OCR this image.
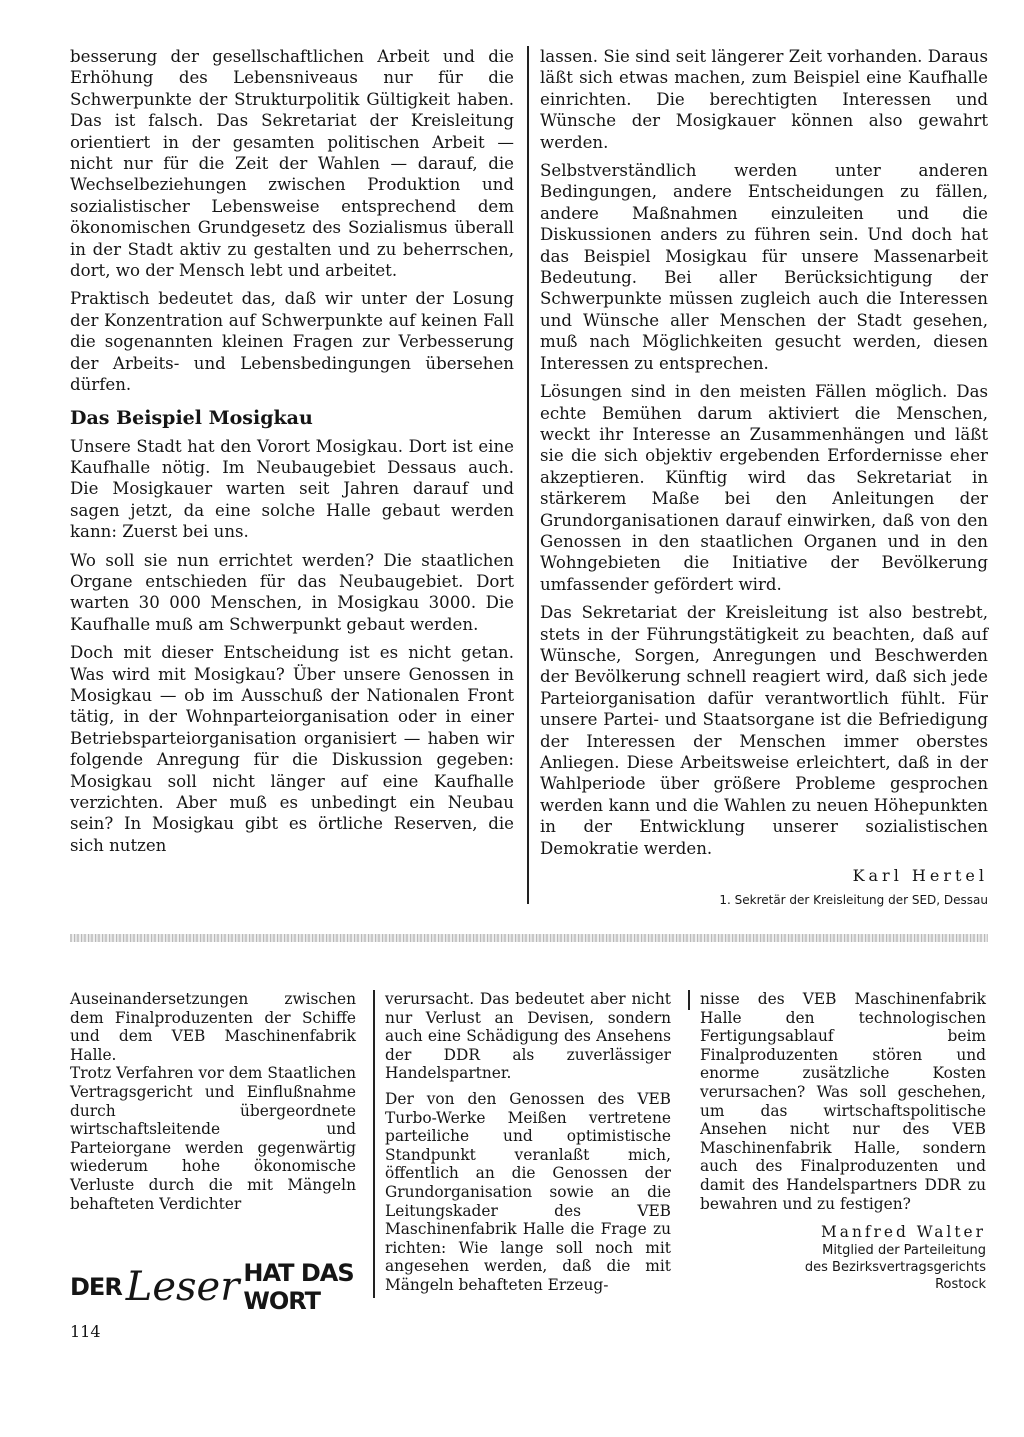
besserung der gesellschaftlichen Arbeit und die Erhöhung des Lebensniveaus nur für die Schwerpunkte der Strukturpolitik Gültigkeit haben. Das ist falsch. Das Sekretariat der Kreisleitung orientiert in der gesamten politischen Arbeit — nicht nur für die Zeit der Wahlen — darauf, die Wechselbeziehungen zwischen Produktion und sozialistischer Lebensweise entsprechend dem ökonomischen Grundgesetz des Sozialismus überall in der Stadt aktiv zu gestalten und zu beherrschen, dort, wo der Mensch lebt und arbeitet.

Praktisch bedeutet das, daß wir unter der Losung der Konzentration auf Schwerpunkte auf keinen Fall die sogenannten kleinen Fragen zur Verbesserung der Arbeits- und Lebensbedingungen übersehen dürfen.

Das Beispiel Mosigkau

Unsere Stadt hat den Vorort Mosigkau. Dort ist eine Kaufhalle nötig. Im Neubaugebiet Dessaus auch. Die Mosigkauer warten seit Jahren darauf und sagen jetzt, da eine solche Halle gebaut werden kann: Zuerst bei uns.

Wo soll sie nun errichtet werden? Die staatlichen Organe entschieden für das Neubaugebiet. Dort warten 30 000 Menschen, in Mosigkau 3000. Die Kaufhalle muß am Schwerpunkt gebaut werden.

Doch mit dieser Entscheidung ist es nicht getan. Was wird mit Mosigkau? Über unsere Genossen in Mosigkau — ob im Ausschuß der Nationalen Front tätig, in der Wohnparteiorganisation oder in einer Betriebsparteiorganisation organisiert — haben wir folgende Anregung für die Diskussion gegeben: Mosigkau soll nicht länger auf eine Kaufhalle verzichten. Aber muß es unbedingt ein Neubau sein? In Mosigkau gibt es örtliche Reserven, die sich nutzen

lassen. Sie sind seit längerer Zeit vorhanden. Daraus läßt sich etwas machen, zum Beispiel eine Kaufhalle einrichten. Die berechtigten Interessen und Wünsche der Mosigkauer können also gewahrt werden.

Selbstverständlich werden unter anderen Bedingungen, andere Entscheidungen zu fällen, andere Maßnahmen einzuleiten und die Diskussionen anders zu führen sein. Und doch hat das Beispiel Mosigkau für unsere Massenarbeit Bedeutung. Bei aller Berücksichtigung der Schwerpunkte müssen zugleich auch die Interessen und Wünsche aller Menschen der Stadt gesehen, muß nach Möglichkeiten gesucht werden, diesen Interessen zu entsprechen.

Lösungen sind in den meisten Fällen möglich. Das echte Bemühen darum aktiviert die Menschen, weckt ihr Interesse an Zusammenhängen und läßt sie die sich objektiv ergebenden Erfordernisse eher akzeptieren. Künftig wird das Sekretariat in stärkerem Maße bei den Anleitungen der Grundorganisationen darauf einwirken, daß von den Genossen in den staatlichen Organen und in den Wohngebieten die Initiative der Bevölkerung umfassender gefördert wird.

Das Sekretariat der Kreisleitung ist also bestrebt, stets in der Führungstätigkeit zu beachten, daß auf Wünsche, Sorgen, Anregungen und Beschwerden der Bevölkerung schnell reagiert wird, daß sich jede Parteiorganisation dafür verantwortlich fühlt. Für unsere Partei- und Staatsorgane ist die Befriedigung der Interessen der Menschen immer oberstes Anliegen. Diese Arbeitsweise erleichtert, daß in der Wahlperiode über größere Probleme gesprochen werden kann und die Wahlen zu neuen Höhepunkten in der Entwicklung unserer sozialistischen Demokratie werden.

Karl Hertel
1. Sekretär der Kreisleitung der SED, Dessau

Auseinandersetzungen zwischen dem Finalproduzenten der Schiffe und dem VEB Maschinenfabrik Halle.

Trotz Verfahren vor dem Staatlichen Vertragsgericht und Einflußnahme durch übergeordnete wirtschaftsleitende und Parteiorgane werden gegenwärtig wiederum hohe ökonomische Verluste durch die mit Mängeln behafteten Verdichter

verursacht. Das bedeutet aber nicht nur Verlust an Devisen, sondern auch eine Schädigung des Ansehens der DDR als zuverlässiger Handelspartner.

Der von den Genossen des VEB Turbo-Werke Meißen vertretene parteiliche und optimistische Standpunkt veranlaßt mich, öffentlich an die Genossen der Grundorganisation sowie an die Leitungskader des VEB Maschinenfabrik Halle die Frage zu richten: Wie lange soll noch mit angesehen werden, daß die mit Mängeln behafteten Erzeug-

nisse des VEB Maschinenfabrik Halle den technologischen Fertigungsablauf beim Finalproduzenten stören und enorme zusätzliche Kosten verursachen? Was soll geschehen, um das wirtschaftspolitische Ansehen nicht nur des VEB Maschinenfabrik Halle, sondern auch des Finalproduzenten und damit des Handelspartners DDR zu bewahren und zu festigen?

Manfred Walter
Mitglied der Parteileitung
des Bezirksvertragsgerichts
Rostock
DER Leser HAT DAS WORT
114
